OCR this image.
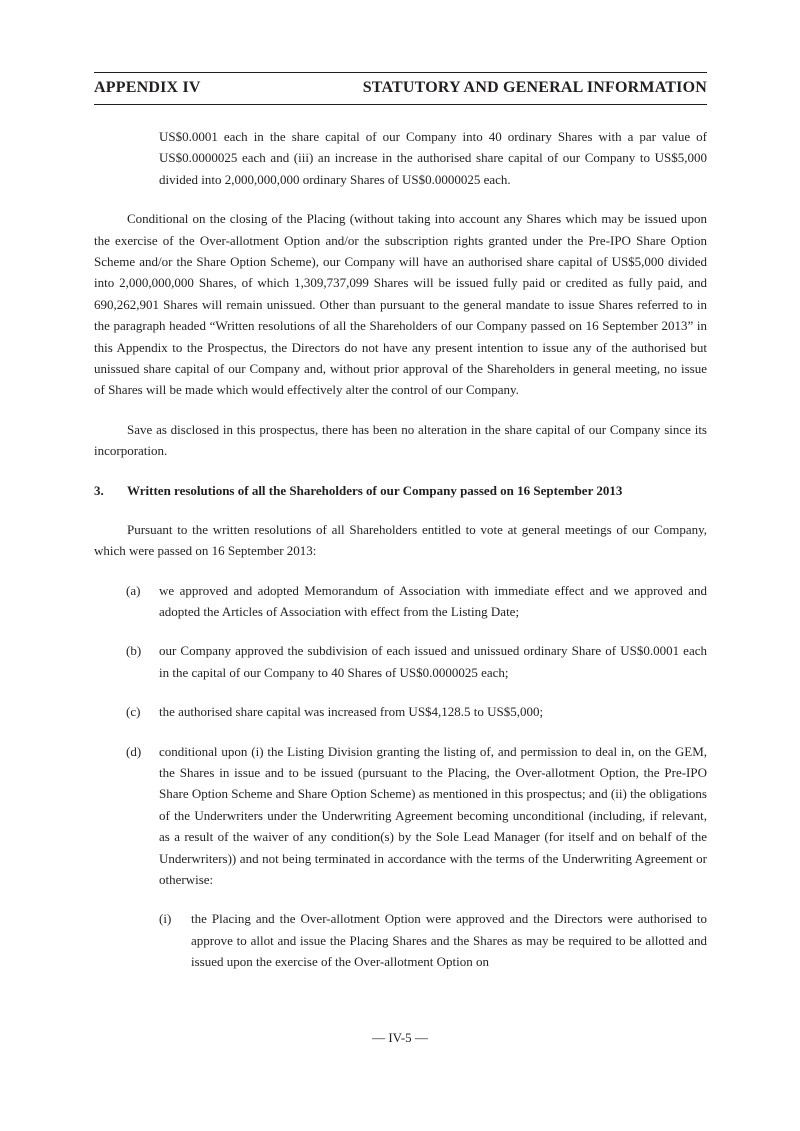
APPENDIX IV	STATUTORY AND GENERAL INFORMATION

US$0.0001 each in the share capital of our Company into 40 ordinary Shares with a par value of US$0.0000025 each and (iii) an increase in the authorised share capital of our Company to US$5,000 divided into 2,000,000,000 ordinary Shares of US$0.0000025 each.

Conditional on the closing of the Placing (without taking into account any Shares which may be issued upon the exercise of the Over-allotment Option and/or the subscription rights granted under the Pre-IPO Share Option Scheme and/or the Share Option Scheme), our Company will have an authorised share capital of US$5,000 divided into 2,000,000,000 Shares, of which 1,309,737,099 Shares will be issued fully paid or credited as fully paid, and 690,262,901 Shares will remain unissued. Other than pursuant to the general mandate to issue Shares referred to in the paragraph headed “Written resolutions of all the Shareholders of our Company passed on 16 September 2013” in this Appendix to the Prospectus, the Directors do not have any present intention to issue any of the authorised but unissued share capital of our Company and, without prior approval of the Shareholders in general meeting, no issue of Shares will be made which would effectively alter the control of our Company.

Save as disclosed in this prospectus, there has been no alteration in the share capital of our Company since its incorporation.

3.	Written resolutions of all the Shareholders of our Company passed on 16 September 2013

Pursuant to the written resolutions of all Shareholders entitled to vote at general meetings of our Company, which were passed on 16 September 2013:

(a)	we approved and adopted Memorandum of Association with immediate effect and we approved and adopted the Articles of Association with effect from the Listing Date;
(b)	our Company approved the subdivision of each issued and unissued ordinary Share of US$0.0001 each in the capital of our Company to 40 Shares of US$0.0000025 each;
(c)	the authorised share capital was increased from US$4,128.5 to US$5,000;
(d)	conditional upon (i) the Listing Division granting the listing of, and permission to deal in, on the GEM, the Shares in issue and to be issued (pursuant to the Placing, the Over-allotment Option, the Pre-IPO Share Option Scheme and Share Option Scheme) as mentioned in this prospectus; and (ii) the obligations of the Underwriters under the Underwriting Agreement becoming unconditional (including, if relevant, as a result of the waiver of any condition(s) by the Sole Lead Manager (for itself and on behalf of the Underwriters)) and not being terminated in accordance with the terms of the Underwriting Agreement or otherwise:
(i)	the Placing and the Over-allotment Option were approved and the Directors were authorised to approve to allot and issue the Placing Shares and the Shares as may be required to be allotted and issued upon the exercise of the Over-allotment Option on
— IV-5 —
